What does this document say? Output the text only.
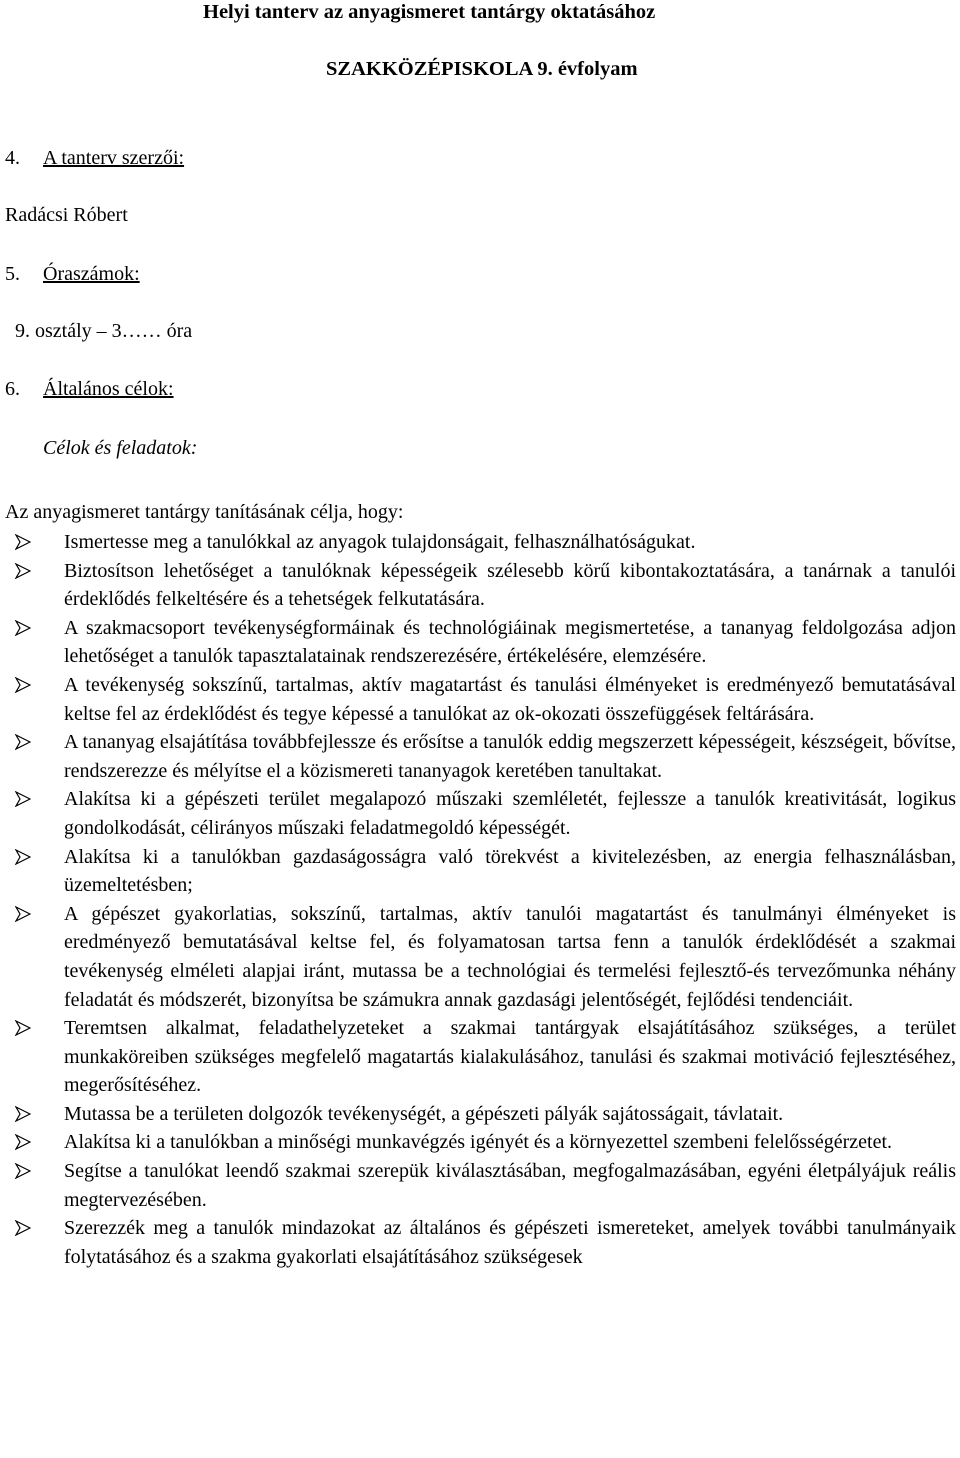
Helyi tanterv az anyagismeret tantárgy oktatásához
SZAKKÖZÉPISKOLA 9. évfolyam
4. A tanterv szerzői:
Radácsi Róbert
5. Óraszámok:
9. osztály – 3…… óra
6. Általános célok:
Célok és feladatok:
Az anyagismeret tantárgy tanításának célja, hogy:
Ismertesse meg a tanulókkal az anyagok tulajdonságait, felhasználhatóságukat.
Biztosítson lehetőséget a tanulóknak képességeik szélesebb körű kibontakoztatására, a tanárnak a tanulói érdeklődés felkeltésére és a tehetségek felkutatására.
A szakmacsoport tevékenységformáinak és technológiáinak megismertetése, a tananyag feldolgozása adjon lehetőséget a tanulók tapasztalatainak rendszerezésére, értékelésére, elemzésére.
A tevékenység sokszínű, tartalmas, aktív magatartást és tanulási élményeket is eredményező bemutatásával keltse fel az érdeklődést és tegye képessé a tanulókat az ok-okozati összefüggések feltárására.
A tananyag elsajátítása továbbfejlessze és erősítse a tanulók eddig megszerzett képességeit, készségeit, bővítse, rendszerezze és mélyítse el a közismereti tananyagok keretében tanultakat.
Alakítsa ki a gépészeti terület megalapozó műszaki szemléletét, fejlessze a tanulók kreativitását, logikus gondolkodását, célirányos műszaki feladatmegoldó képességét.
Alakítsa ki a tanulókban gazdaságosságra való törekvést a kivitelezésben, az energia felhasználásban, üzemeltetésben;
A gépészet gyakorlatias, sokszínű, tartalmas, aktív tanulói magatartást és tanulmányi élményeket is eredményező bemutatásával keltse fel, és folyamatosan tartsa fenn a tanulók érdeklődését a szakmai tevékenység elméleti alapjai iránt, mutassa be a technológiai és termelési fejlesztő-és tervezőmunka néhány feladatát és módszerét, bizonyítsa be számukra annak gazdasági jelentőségét, fejlődési tendenciáit.
Teremtsen alkalmat, feladathelyzeteket a szakmai tantárgyak elsajátításához szükséges, a terület munkaköreiben szükséges megfelelő magatartás kialakulásához, tanulási és szakmai motiváció fejlesztéséhez, megerősítéséhez.
Mutassa be a területen dolgozók tevékenységét, a gépészeti pályák sajátosságait, távlatait.
Alakítsa ki a tanulókban a minőségi munkavégzés igényét és a környezettel szembeni felelősségérzetet.
Segítse a tanulókat leendő szakmai szerepük kiválasztásában, megfogalmazásában, egyéni életpályájuk reális megtervezésében.
Szerezzék meg a tanulók mindazokat az általános és gépészeti ismereteket, amelyek további tanulmányaik folytatásához és a szakma gyakorlati elsajátításához szükségesek
